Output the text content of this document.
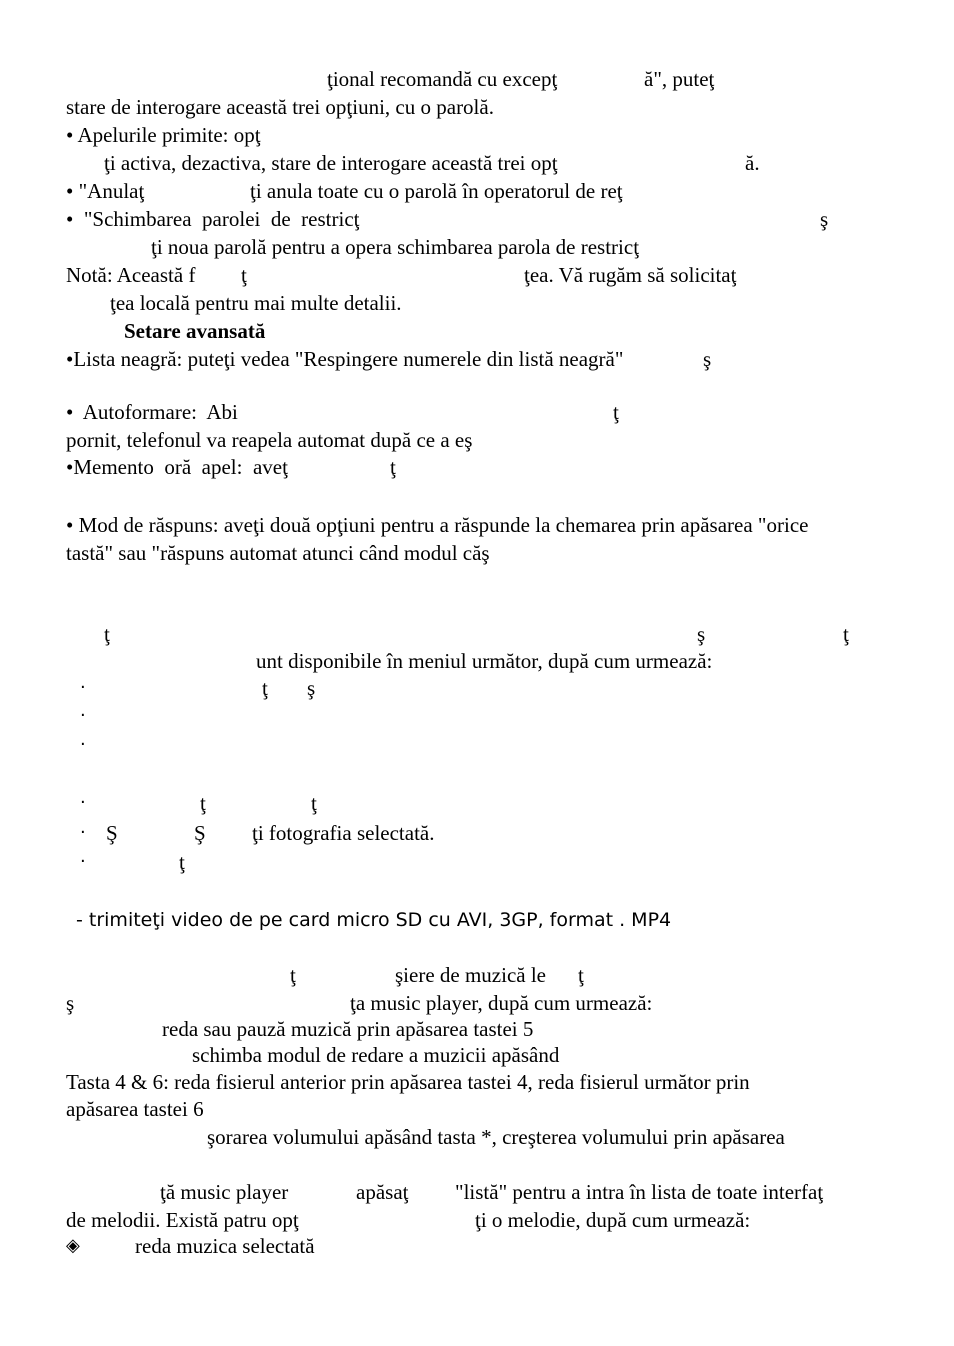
ţional recomandă cu excepţ	ă", puteţ
stare de interogare această trei opţiuni, cu o parolă.
• Apelurile primite: opţ
ţi activa, dezactiva, stare de interogare această trei opţ	ă.
• "Anulaţ	ţi anula toate cu o parolă în operatorul de reţ
•  "Schimbarea  parolei  de  restricţ	ş
ţi noua parolă pentru a opera schimbarea parola de restricţ
Notă: Această f ţ	ţea. Vă rugăm să solicitaţ
ţea locală pentru mai multe detalii.
Setare avansată
•Lista neagră: puteţi vedea "Respingere numerele din listă neagră"	ş
•  Autoformare:  Abi	ţ
pornit, telefonul va reapela automat după ce a eş
•Memento  oră  apel:  aveţ	ţ
• Mod de răspuns: aveţi două opţiuni pentru a răspunde la chemarea prin apăsarea "orice
tastă" sau "răspuns automat atunci când modul căş
ţ	ş	ţ
unt disponibile în meniul următor, după cum urmează:
·	ţ ş
·
·
·	ţ	ţ
· Ş	Ş ţi fotografia selectată.
·	ţ
- trimiteţi video de pe card micro SD cu AVI, 3GP, format . MP4
ţ	şiere de muzică le ţ
ş	ţa music player, după cum urmează:
reda sau pauză muzică prin apăsarea tastei 5
schimba modul de redare a muzicii apăsând
Tasta 4 & 6: reda fisierul anterior prin apăsarea tastei 4, reda fisierul următor prin
apăsarea tastei 6
şorarea volumului apăsând tasta *, creşterea volumului prin apăsarea
ţă music player	apăsaţ "listă" pentru a intra în lista de toate interfaţ
de melodii. Există patru opţ	ţi o melodie, după cum urmează:
◈	reda muzica selectată
